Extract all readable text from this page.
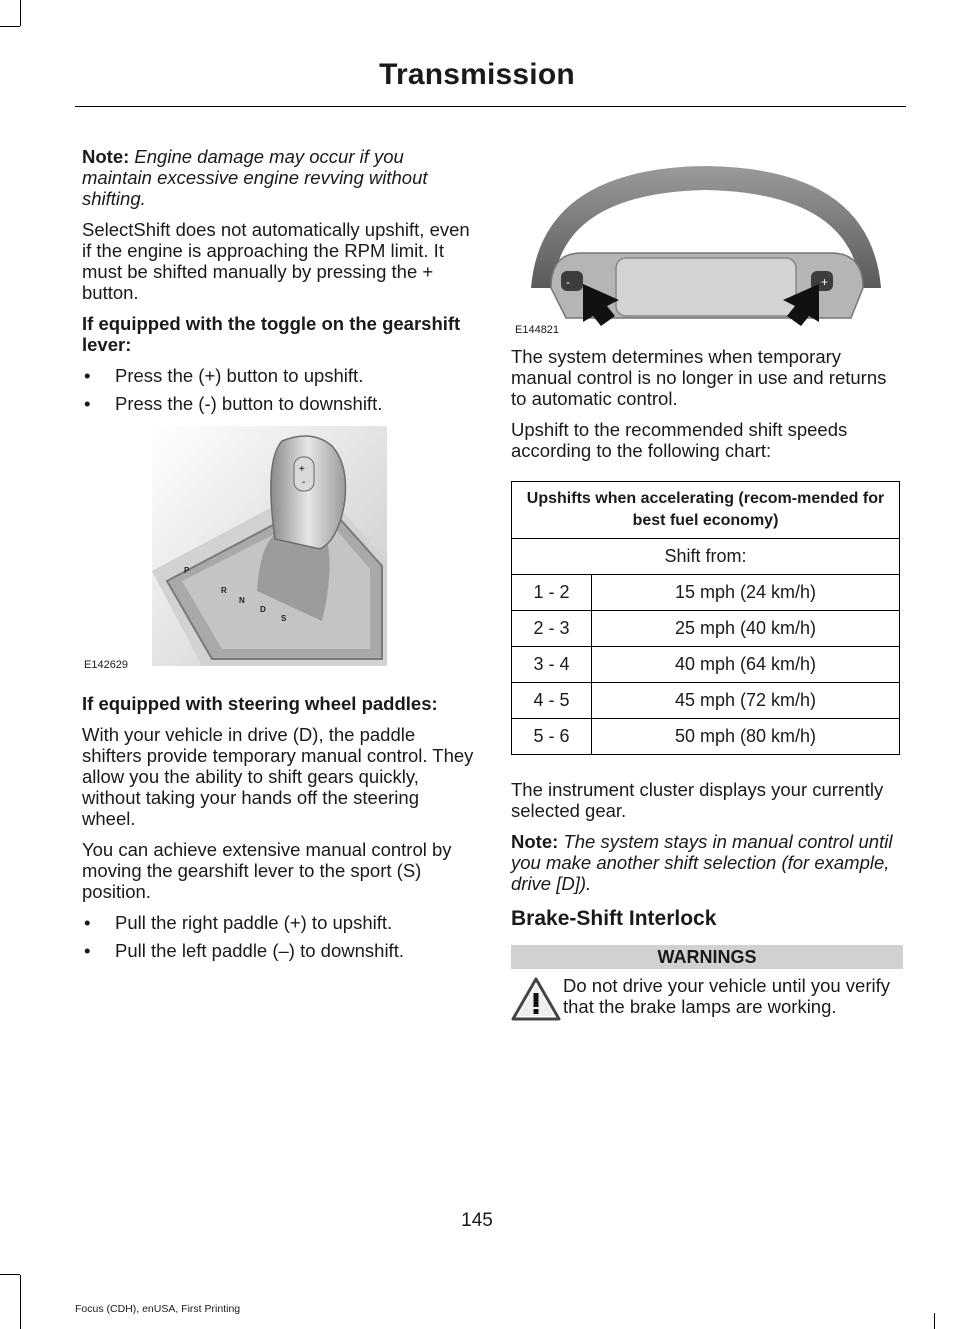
Transmission

Note: Engine damage may occur if you maintain excessive engine revving without shifting.

SelectShift does not automatically upshift, even if the engine is approaching the RPM limit. It must be shifted manually by pressing the + button.

If equipped with the toggle on the gearshift lever:
• Press the (+) button to upshift.
• Press the (-) button to downshift.
+
-
P
R
N
D
S
E142629
If equipped with steering wheel paddles:

With your vehicle in drive (D), the paddle shifters provide temporary manual control. They allow you the ability to shift gears quickly, without taking your hands off the steering wheel.

You can achieve extensive manual control by moving the gearshift lever to the sport (S) position.

• Pull the right paddle (+) to upshift.
• Pull the left paddle (–) to downshift.
-	+
E144821

The system determines when temporary manual control is no longer in use and returns to automatic control.

Upshift to the recommended shift speeds according to the following chart:

Upshifts when accelerating (recom-mended for best fuel economy)	
Shift from:	
1 - 2	15 mph (24 km/h)
2 - 3	25 mph (40 km/h)
3 - 4	40 mph (64 km/h)
4 - 5	45 mph (72 km/h)
5 - 6	50 mph (80 km/h)

The instrument cluster displays your currently selected gear.

Note: The system stays in manual control until you make another shift selection (for example, drive [D]).

Brake-Shift Interlock
WARNINGS
Do not drive your vehicle until you verify that the brake lamps are working.
145
Focus (CDH), enUSA, First Printing
